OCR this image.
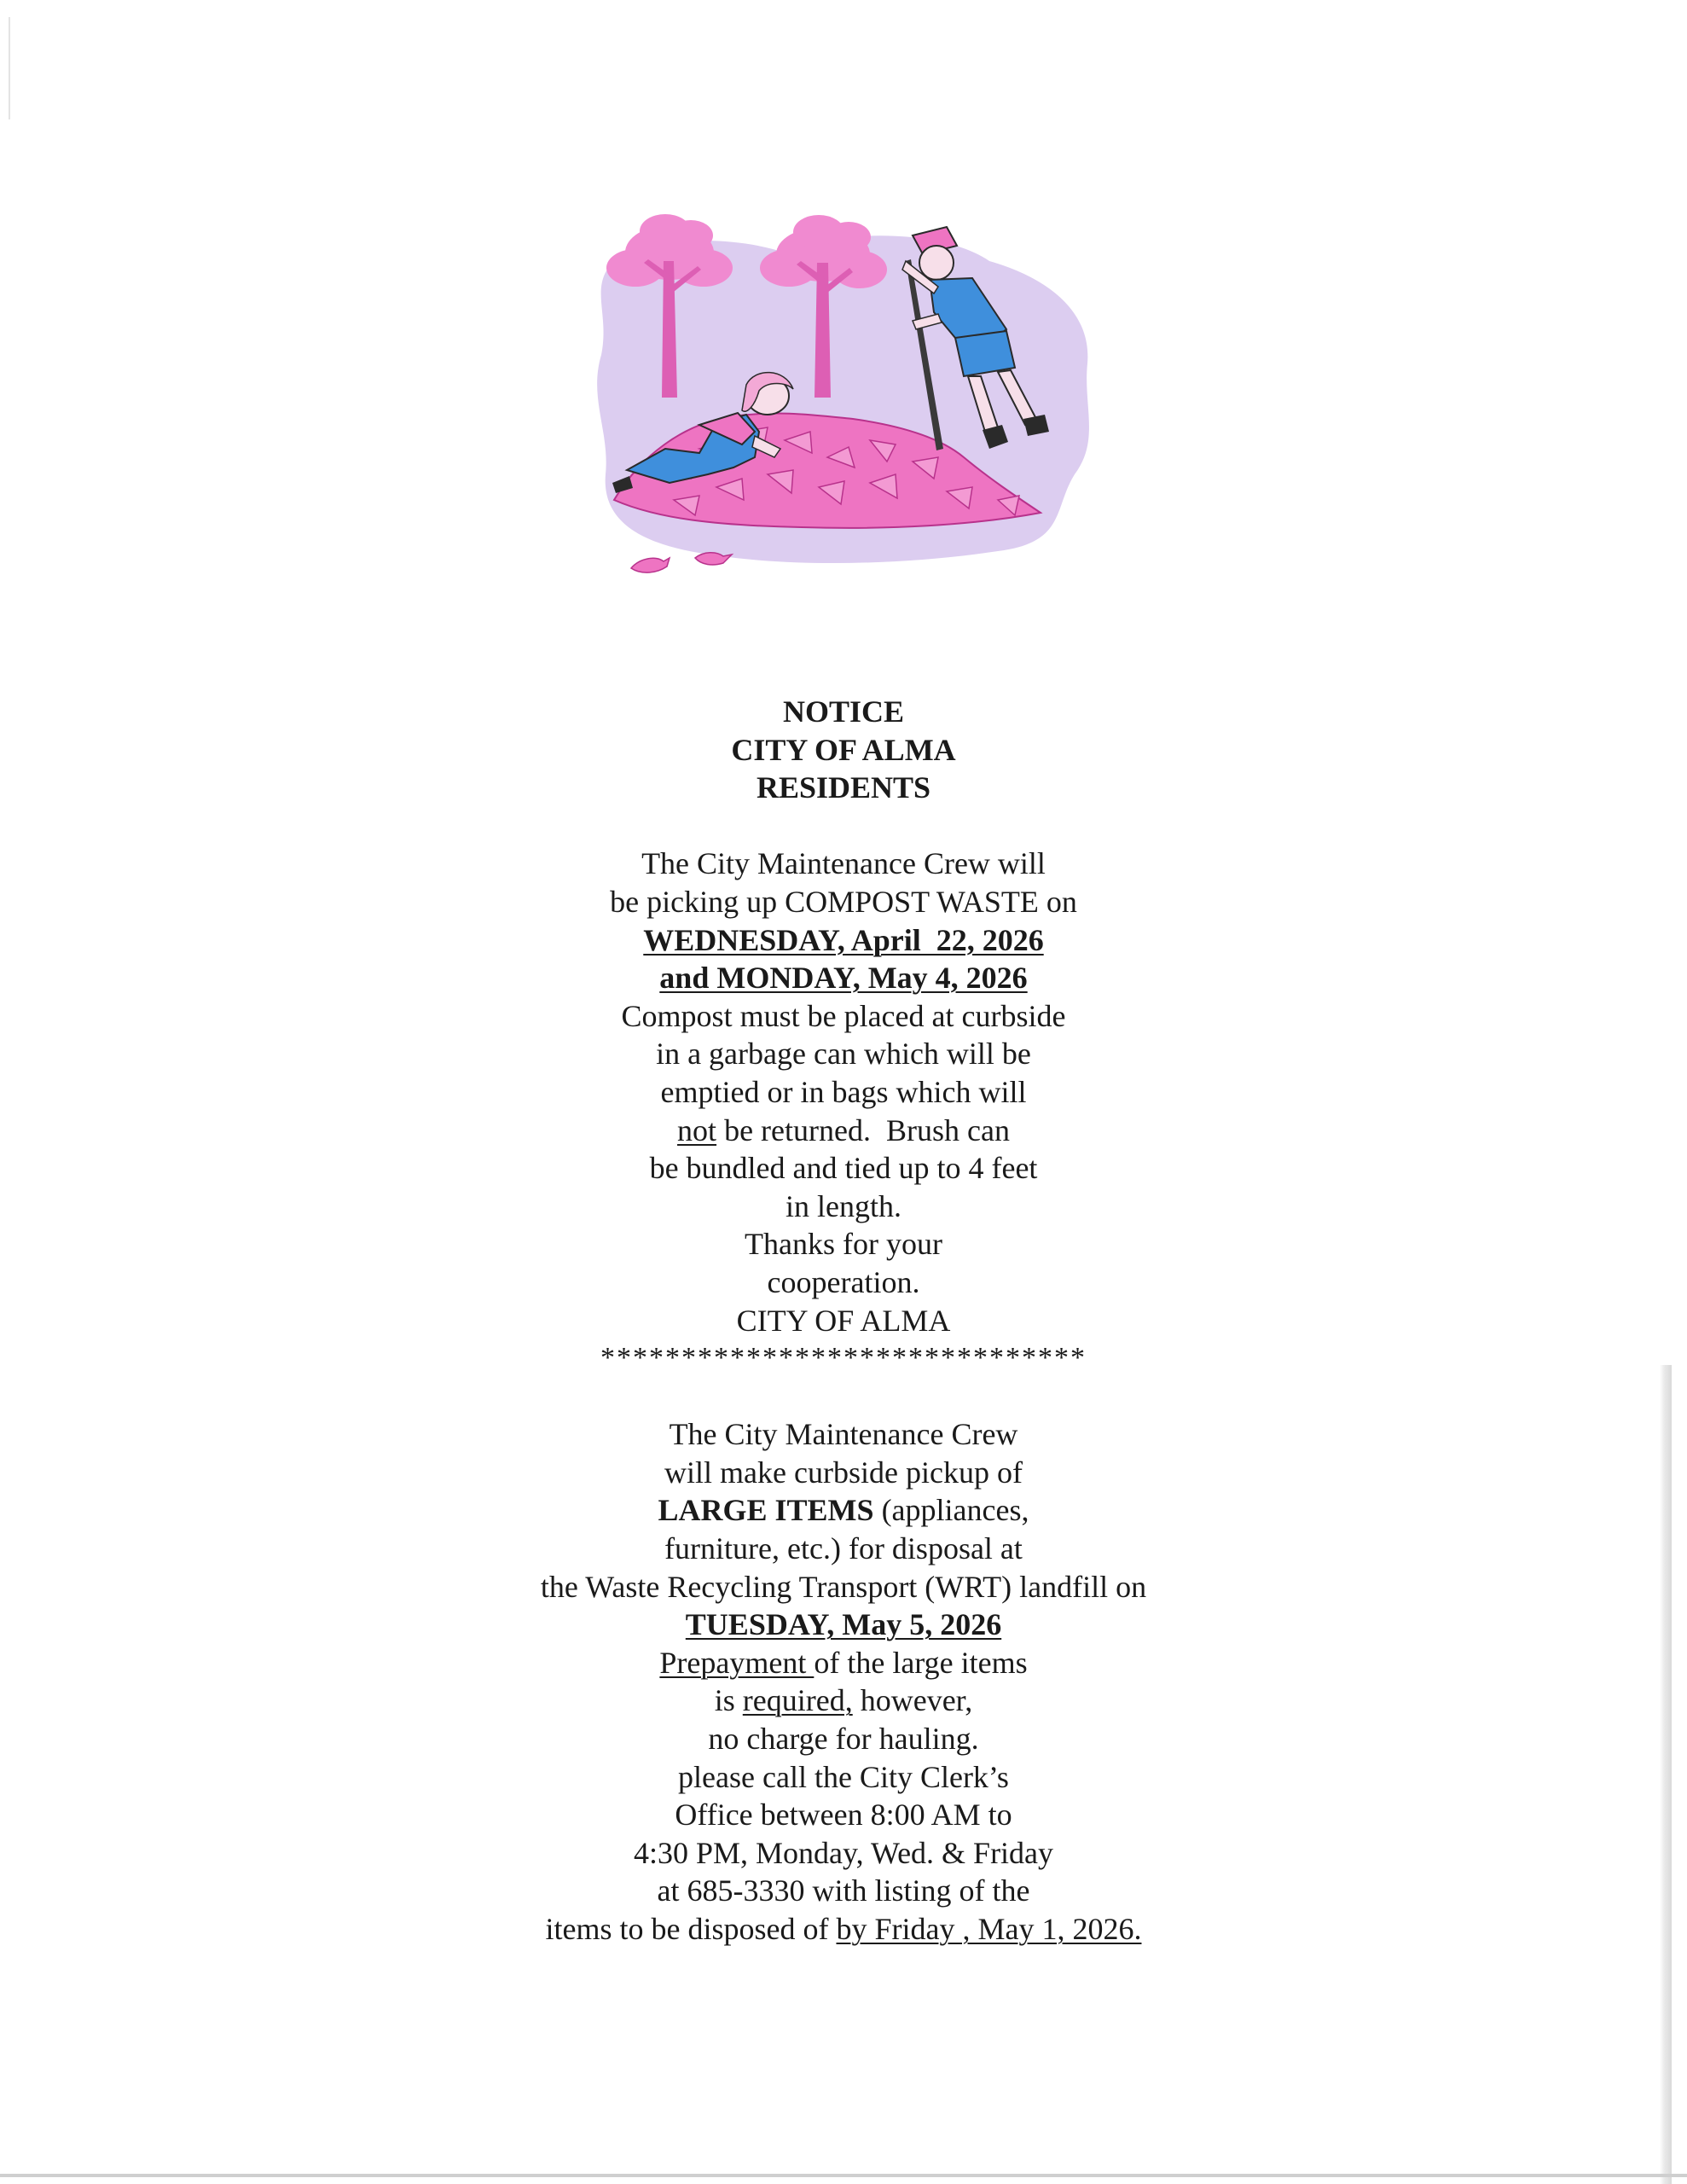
NOTICE
CITY OF ALMA
RESIDENTS
The City Maintenance Crew will
be picking up COMPOST WASTE on
WEDNESDAY, April  22, 2026
and MONDAY, May 4, 2026
Compost must be placed at curbside
in a garbage can which will be
emptied or in bags which will
not be returned.  Brush can
be bundled and tied up to 4 feet
in length.
Thanks for your
cooperation.
CITY OF ALMA
******************************
The City Maintenance Crew
will make curbside pickup of
LARGE ITEMS (appliances,
furniture, etc.) for disposal at
the Waste Recycling Transport (WRT) landfill on
TUESDAY, May 5, 2026
Prepayment of the large items
is required, however,
no charge for hauling.
please call the City Clerk’s
Office between 8:00 AM to
4:30 PM, Monday, Wed. & Friday
at 685-3330 with listing of the
items to be disposed of by Friday , May 1, 2026.
